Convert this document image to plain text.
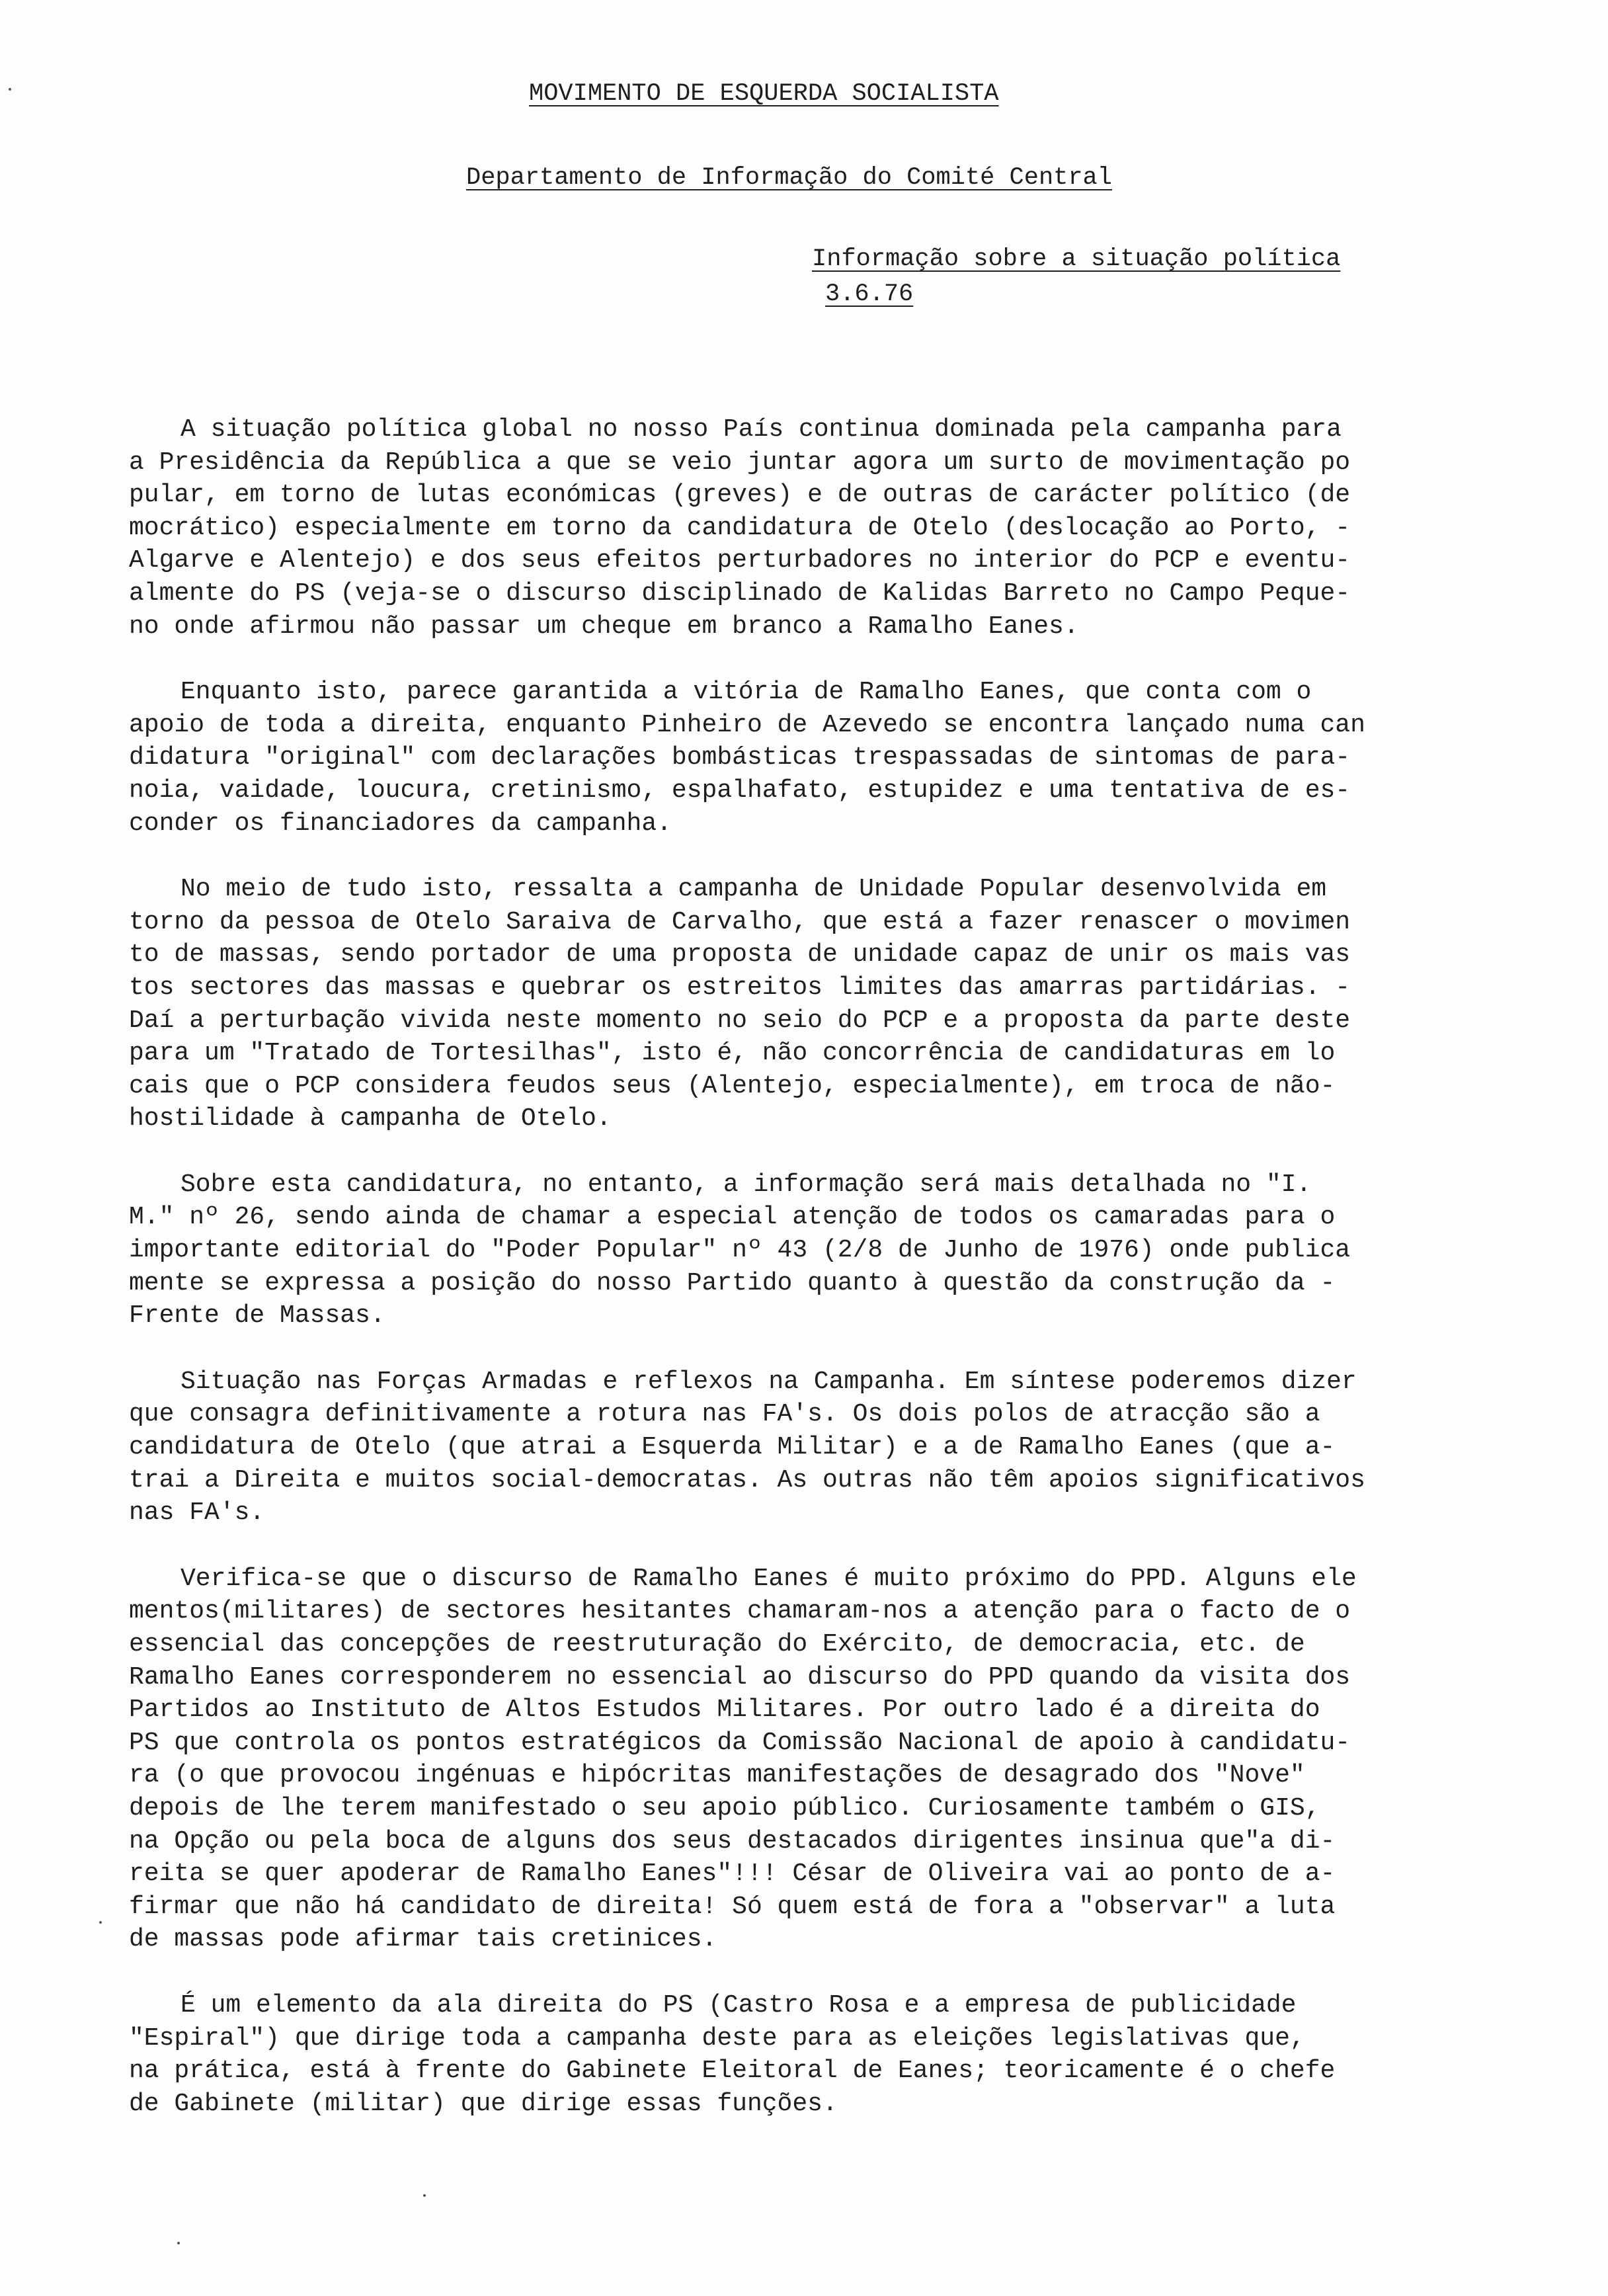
MOVIMENTO DE ESQUERDA SOCIALISTA
Departamento de Informação do Comité Central
Informação sobre a situação política
3.6.76
A situação política global no nosso País continua dominada pela campanha para
a Presidência da República a que se veio juntar agora um surto de movimentação po
pular, em torno de lutas económicas (greves) e de outras de carácter político (de
mocrático) especialmente em torno da candidatura de Otelo (deslocação ao Porto, -
Algarve e Alentejo) e dos seus efeitos perturbadores no interior do PCP e eventu-
almente do PS (veja-se o discurso disciplinado de Kalidas Barreto no Campo Peque-
no onde afirmou não passar um cheque em branco a Ramalho Eanes.
Enquanto isto, parece garantida a vitória de Ramalho Eanes, que conta com o
apoio de toda a direita, enquanto Pinheiro de Azevedo se encontra lançado numa can
didatura "original" com declarações bombásticas trespassadas de sintomas de para-
noia, vaidade, loucura, cretinismo, espalhafato, estupidez e uma tentativa de es-
conder os financiadores da campanha.
No meio de tudo isto, ressalta a campanha de Unidade Popular desenvolvida em
torno da pessoa de Otelo Saraiva de Carvalho, que está a fazer renascer o movimen
to de massas, sendo portador de uma proposta de unidade capaz de unir os mais vas
tos sectores das massas e quebrar os estreitos limites das amarras partidárias. -
Daí a perturbação vivida neste momento no seio do PCP e a proposta da parte deste
para um "Tratado de Tortesilhas", isto é, não concorrência de candidaturas em lo
cais que o PCP considera feudos seus (Alentejo, especialmente), em troca de não-
hostilidade à campanha de Otelo.
Sobre esta candidatura, no entanto, a informação será mais detalhada no "I.
M." nº 26, sendo ainda de chamar a especial atenção de todos os camaradas para o
importante editorial do "Poder Popular" nº 43 (2/8 de Junho de 1976) onde publica
mente se expressa a posição do nosso Partido quanto à questão da construção da -
Frente de Massas.
Situação nas Forças Armadas e reflexos na Campanha. Em síntese poderemos dizer
que consagra definitivamente a rotura nas FA's. Os dois polos de atracção são a
candidatura de Otelo (que atrai a Esquerda Militar) e a de Ramalho Eanes (que a-
trai a Direita e muitos social-democratas. As outras não têm apoios significativos
nas FA's.
Verifica-se que o discurso de Ramalho Eanes é muito próximo do PPD. Alguns ele
mentos(militares) de sectores hesitantes chamaram-nos a atenção para o facto de o
essencial das concepções de reestruturação do Exército, de democracia, etc. de
Ramalho Eanes corresponderem no essencial ao discurso do PPD quando da visita dos
Partidos ao Instituto de Altos Estudos Militares. Por outro lado é a direita do
PS que controla os pontos estratégicos da Comissão Nacional de apoio à candidatu-
ra (o que provocou ingénuas e hipócritas manifestações de desagrado dos "Nove"
depois de lhe terem manifestado o seu apoio público. Curiosamente também o GIS,
na Opção ou pela boca de alguns dos seus destacados dirigentes insinua que"a di-
reita se quer apoderar de Ramalho Eanes"!!! César de Oliveira vai ao ponto de a-
firmar que não há candidato de direita! Só quem está de fora a "observar" a luta
de massas pode afirmar tais cretinices.
É um elemento da ala direita do PS (Castro Rosa e a empresa de publicidade
"Espiral") que dirige toda a campanha deste para as eleições legislativas que,
na prática, está à frente do Gabinete Eleitoral de Eanes; teoricamente é o chefe
de Gabinete (militar) que dirige essas funções.
